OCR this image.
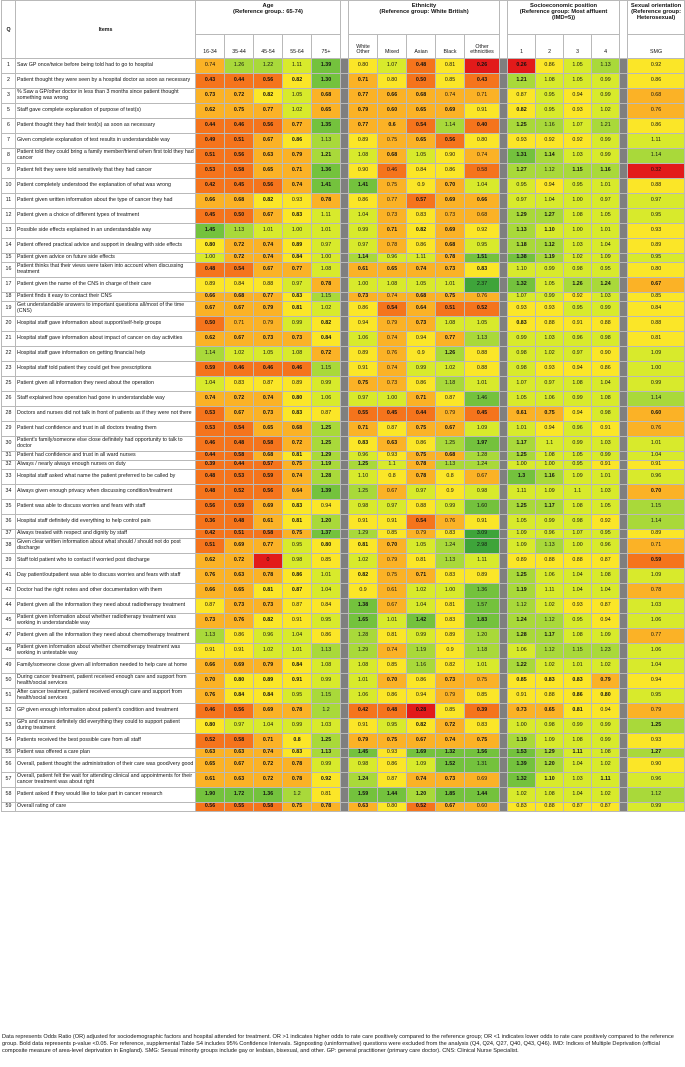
Q	Items	Age
(Reference group.: 65-74)						Ethnicity
(Reference group: White British)						Socioeconomic position
(Reference group: Most affluent (IMD=5))					Sexual orientation
(Reference group: Heterosexual)
		16-34	35-44	45-54	55-64	75+		White Other	Mixed	Asian	Black	Other ethnicities		1	2	3	4		SMG
1	Saw GP once/twice before being told had to go to hospital	0.74	1.26	1.22	1.11	1.39		0.80	1.07	0.48	0.81	0.26		0.26	0.86	1.05	1.13		0.92
2	Patient thought they were seen by a hospital doctor as soon as necessary	0.43	0.44	0.56	0.82	1.30		0.71	0.80	0.50	0.85	0.43		1.21	1.08	1.05	0.99		0.86
3	% Saw a GP/other doctor in less than 3 months since patient thought something was wrong	0.73	0.72	0.82	1.05	0.68		0.77	0.66	0.68	0.74	0.71		0.87	0.95	0.94	0.99		0.68
5	Staff gave complete explanation of purpose of test(s)	0.62	0.75	0.77	1.02	0.65		0.79	0.60	0.65	0.69	0.91		0.82	0.95	0.93	1.02		0.76
6	Patient thought they had their test(s) as soon as necessary	0.44	0.46	0.56	0.77	1.35		0.77	0.6	0.54	1.14	0.40		1.25	1.16	1.07	1.21		0.86
7	Given complete explanation of test results in understandable way	0.49	0.51	0.67	0.86	1.13		0.89	0.75	0.65	0.56	0.80		0.93	0.92	0.92	0.99		1.11
8	Patient told they could bring a family member/friend when first told they had cancer	0.51	0.56	0.63	0.79	1.21		1.08	0.68	1.05	0.90	0.74		1.31	1.14	1.03	0.99		1.14
9	Patient felt they were told sensitively that they had cancer	0.53	0.58	0.65	0.71	1.36		0.90	0.46	0.84	0.86	0.58		1.27	1.12	1.15	1.16		0.32
10	Patient completely understood the explanation of what was wrong	0.42	0.45	0.56	0.74	1.41		1.41	0.75	0.9	0.70	1.04		0.95	0.94	0.95	1.01		0.88
11	Patient given written information about the type of cancer they had	0.66	0.68	0.82	0.93	0.78		0.86	0.77	0.57	0.69	0.66		0.97	1.04	1.00	0.97		0.97
12	Patient given a choice of different types of treatment	0.45	0.50	0.67	0.83	1.11		1.04	0.73	0.83	0.73	0.68		1.29	1.27	1.08	1.05		0.95
13	Possible side effects explained in an understandable way	1.45	1.13	1.01	1.00	1.01		0.99	0.71	0.82	0.69	0.92		1.13	1.10	1.00	1.01		0.93
14	Patient offered practical advice and support in dealing with side effects	0.80	0.72	0.74	0.89	0.97		0.97	0.78	0.86	0.68	0.95		1.18	1.12	1.03	1.04		0.89
15	Patient given advice on future side effects	1.00	0.72	0.74	0.84	1.00		1.14	0.96	1.11	0.78	1.51		1.38	1.19	1.02	1.09		0.95
16	Patient thinks that their views were taken into account when discussing treatment	0.48	0.54	0.67	0.77	1.08		0.61	0.65	0.74	0.73	0.83		1.10	0.99	0.98	0.95		0.80
17	Patient given the name of the CNS in charge of their care	0.89	0.84	0.88	0.97	0.78		1.00	1.08	1.05	1.01	2.37		1.32	1.05	1.26	1.24		0.67
18	Patient finds it easy to contact their CNS	0.66	0.68	0.77	0.83	1.15		0.73	0.74	0.68	0.75	0.76		1.07	0.99	0.92	1.03		0.85
19	Get understandable answers to important questions all/most of the time (CNS)	0.67	0.67	0.79	0.81	1.02		0.86	0.54	0.64	0.51	0.52		0.93	0.93	0.95	0.99		0.84
20	Hospital staff gave information about support/self-help groups	0.50	0.71	0.79	0.99	0.82		0.94	0.79	0.73	1.08	1.05		0.83	0.88	0.91	0.88		0.88
21	Hospital staff gave information about impact of cancer on day activities	0.62	0.67	0.73	0.73	0.84		1.06	0.74	0.94	0.77	1.13		0.99	1.03	0.96	0.98		0.81
22	Hospital staff gave information on getting financial help	1.14	1.02	1.05	1.08	0.72		0.89	0.76	0.9	1.26	0.88		0.98	1.02	0.97	0.90		1.09
23	Hospital staff told patient they could get free prescriptions	0.59	0.46	0.46	0.46	1.15		0.91	0.74	0.99	1.02	0.88		0.98	0.93	0.94	0.86		1.00
25	Patient given all information they need about the operation	1.04	0.83	0.87	0.89	0.99		0.75	0.73	0.86	1.18	1.01		1.07	0.97	1.08	1.04		0.99
26	Staff explained how operation had gone in understandable way	0.74	0.72	0.74	0.80	1.06		0.97	1.00	0.71	0.87	1.46		1.05	1.06	0.99	1.08		1.14
28	Doctors and nurses did not talk in front of patients as if they were not there	0.53	0.67	0.73	0.83	0.87		0.55	0.45	0.44	0.79	0.45		0.61	0.75	0.94	0.98		0.60
29	Patient had confidence and trust in all doctors treating them	0.53	0.54	0.65	0.68	1.25		0.71	0.87	0.75	0.67	1.09		1.01	0.94	0.96	0.91		0.76
30	Patient's family/someone else close definitely had opportunity to talk to doctor	0.46	0.48	0.58	0.72	1.25		0.83	0.63	0.86	1.25	1.97		1.17	1.1	0.99	1.03		1.01
31	Patient had confidence and trust in all ward nurses	0.44	0.58	0.68	0.81	1.29		0.96	0.93	0.75	0.68	1.28		1.25	1.08	1.05	0.99		1.04
32	Always / nearly always enough nurses on duty	0.39	0.44	0.57	0.75	1.19		1.25	1.1	0.78	1.13	1.24		1.00	1.00	0.95	0.91		0.91
33	Hospital staff asked what name the patient preferred to be called by	0.48	0.53	0.59	0.74	1.28		1.10	0.8	0.78	0.8	0.67		1.3	1.16	1.09	1.01		0.96
34	Always given enough privacy when discussing condition/treatment	0.48	0.52	0.56	0.64	1.39		1.25	0.67	0.97	0.9	0.98		1.11	1.09	1.1	1.03		0.70
35	Patient was able to discuss worries and fears with staff	0.56	0.59	0.69	0.83	0.94		0.98	0.97	0.88	0.99	1.60		1.25	1.17	1.08	1.05		1.15
36	Hospital staff definitely did everything to help control pain	0.36	0.48	0.61	0.81	1.20		0.91	0.91	0.54	0.76	0.91		1.05	0.99	0.98	0.92		1.14
37	Always treated with respect and dignity by staff	0.42	0.51	0.58	0.75	1.37		1.29	0.85	0.79	0.83	3.09		1.09	0.96	1.07	0.95		0.89
38	Given clear written information about what should / should not do post discharge	0.51	0.69	0.77	0.95	0.80		0.81	0.70	1.05	1.24	2.98		1.09	1.13	1.00	0.96		0.71
39	Staff told patient who to contact if worried post discharge	0.62	0.72	0	0.98	0.85		1.02	0.79	0.81	1.13	1.11		0.89	0.88	0.88	0.87		0.59
41	Day patient/outpatient was able to discuss worries and fears with staff	0.76	0.63	0.78	0.86	1.01		0.82	0.75	0.71	0.83	0.89		1.25	1.06	1.04	1.08		1.09
42	Doctor had the right notes and other documentation with them	0.66	0.65	0.81	0.87	1.04		0.9	0.61	1.02	1.00	1.36		1.19	1.11	1.04	1.04		0.78
44	Patient given all the information they need about radiotherapy treatment	0.87	0.73	0.73	0.87	0.84		1.38	0.67	1.04	0.81	1.57		1.12	1.02	0.93	0.87		1.03
45	Patient given information about whether radiotherapy treatment was working in understandable way	0.73	0.76	0.82	0.91	0.95		1.65	1.01	1.42	0.83	1.83		1.24	1.12	0.95	0.94		1.06
47	Patient given all the information they need about chemotherapy treatment	1.13	0.86	0.96	1.04	0.86		1.28	0.81	0.99	0.89	1.20		1.28	1.17	1.08	1.09		0.77
48	Patient given information about whether chemotherapy treatment was working in untestable way	0.91	0.91	1.02	1.01	1.13		1.29	0.74	1.19	0.9	1.18		1.06	1.12	1.15	1.23		1.06
49	Family/someone close given all information needed to help care at home	0.66	0.69	0.79	0.84	1.08		1.08	0.85	1.16	0.82	1.01		1.22	1.02	1.01	1.02		1.04
50	During cancer treatment, patient received enough care and support from health/social services	0.70	0.80	0.89	0.91	0.99		1.01	0.70	0.86	0.73	0.75		0.85	0.83	0.83	0.79		0.94
51	After cancer treatment, patient received enough care and support from health/social services	0.76	0.84	0.84	0.95	1.15		1.06	0.86	0.94	0.79	0.85		0.91	0.88	0.86	0.80		0.95
52	GP given enough information about patient's condition and treatment	0.46	0.56	0.69	0.78	1.2		0.42	0.48	0.28	0.85	0.39		0.73	0.65	0.81	0.94		0.79
53	GPs and nurses definitely did everything they could to support patient during treatment	0.80	0.97	1.04	0.99	1.03		0.91	0.95	0.82	0.72	0.83		1.00	0.98	0.99	0.99		1.25
54	Patients received the best possible care from all staff	0.52	0.58	0.71	0.8	1.25		0.79	0.75	0.67	0.74	0.75		1.19	1.09	1.08	0.99		0.93
55	Patient was offered a care plan	0.63	0.63	0.74	0.83	1.13		1.45	0.93	1.69	1.32	1.56		1.53	1.29	1.11	1.08		1.27
56	Overall, patient thought the administration of their care was good/very good	0.65	0.67	0.72	0.78	0.99		0.98	0.86	1.09	1.52	1.31		1.39	1.20	1.04	1.02		0.90
57	Overall, patient felt the wait for attending clinical and appointments for their cancer treatment was about right	0.61	0.63	0.72	0.78	0.92		1.24	0.87	0.74	0.73	0.69		1.32	1.10	1.03	1.11		0.96
58	Patient asked if they would like to take part in cancer research	1.90	1.72	1.36	1.2	0.81		1.59	1.44	1.20	1.85	1.44		1.02	1.08	1.04	1.02		1.12
59	Overall rating of care	0.56	0.55	0.58	0.75	0.78		0.63	0.80	0.52	0.67	0.60		0.83	0.88	0.87	0.87		0.99
Data represents Odds Ratio (OR) adjusted for sociodemographic factors and hospital attended for treatment. OR >1 indicates higher odds to rate care positively compared to the reference group; OR <1 indicates lower odds to rate care positively compared to the reference group. Bold data represents p-value <0.05. For reference, supplemental Table S4 includes 95% Confidence Intervals. Signposting (uninformative) questions were excluded from the analysis (Q4, Q24, Q27, Q40, Q43, Q46). IMD: Indices of Multiple Deprivation (official composite measure of area-level deprivation in England). SMG: Sexual minority groups include gay or lesbian, bisexual, and other. GP: general practitioner (primary care doctor). CNS: Clinical Nurse Specialist.
